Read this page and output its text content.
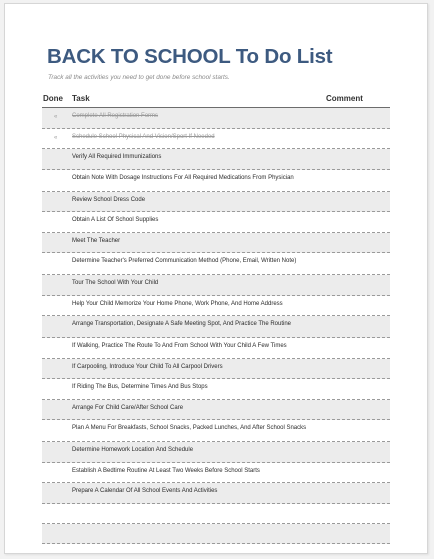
BACK TO SCHOOL To Do List
Track all the activities you need to get done before school starts.
Done Task	Comment
« Complete All Registration Forms
« Schedule School Physical And Vision/Sport If Needed
Verify All Required Immunizations
Obtain Note With Dosage Instructions For All Required Medications From Physician
Review School Dress Code
Obtain A List Of School Supplies
Meet The Teacher
Determine Teacher's Preferred Communication Method (Phone, Email, Written Note)
Tour The School With Your Child
Help Your Child Memorize Your Home Phone, Work Phone, And Home Address
Arrange Transportation, Designate A Safe Meeting Spot, And Practice The Routine
If Walking, Practice The Route To And From School With Your Child A Few Times
If Carpooling, Introduce Your Child To All Carpool Drivers
If Riding The Bus, Determine Times And Bus Stops
Arrange For Child Care/After School Care
Plan A Menu For Breakfasts, School Snacks, Packed Lunches, And After School Snacks
Determine Homework Location And Schedule
Establish A Bedtime Routine At Least Two Weeks Before School Starts
Prepare A Calendar Of All School Events And Activities
